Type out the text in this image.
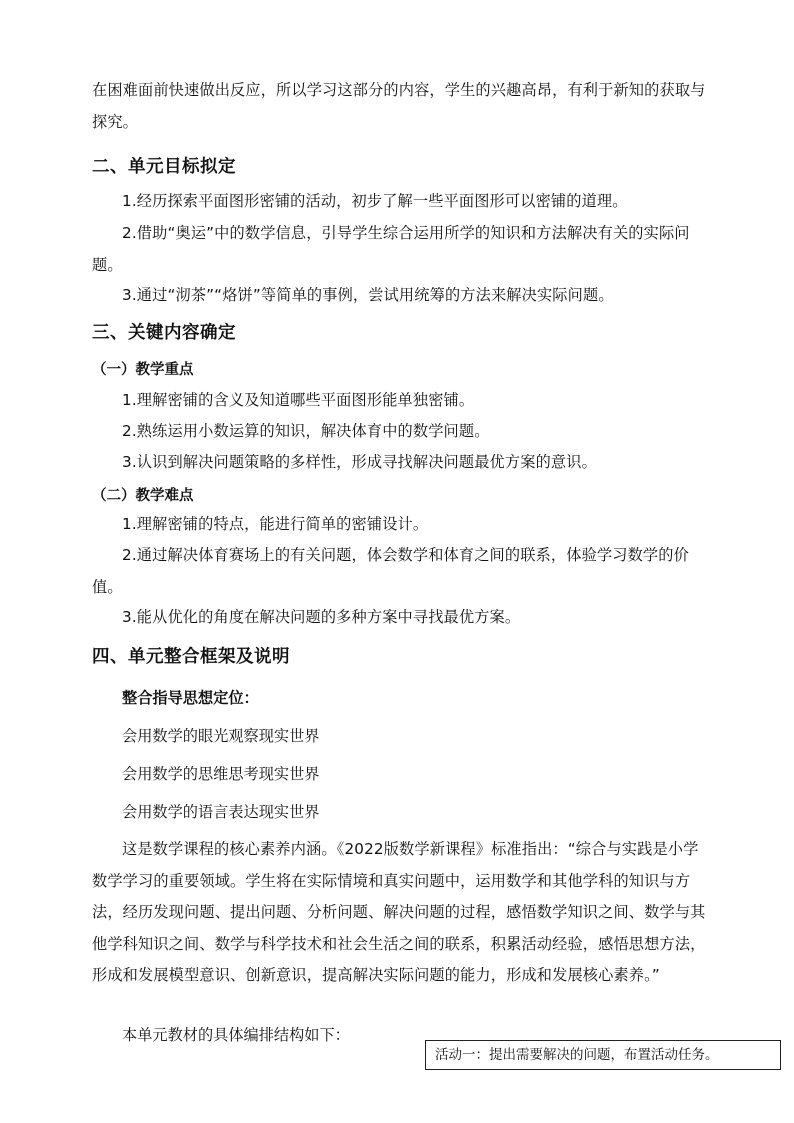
在困难面前快速做出反应，所以学习这部分的内容，学生的兴趣高昂，有利于新知的获取与探究。

二、单元目标拟定

1.经历探索平面图形密铺的活动，初步了解一些平面图形可以密铺的道理。

2.借助“奥运”中的数学信息，引导学生综合运用所学的知识和方法解决有关的实际问题。

3.通过“沏茶”“烙饼”等简单的事例，尝试用统筹的方法来解决实际问题。

三、关键内容确定
（一）教学重点

1.理解密铺的含义及知道哪些平面图形能单独密铺。

2.熟练运用小数运算的知识，解决体育中的数学问题。

3.认识到解决问题策略的多样性，形成寻找解决问题最优方案的意识。

（二）教学难点

1.理解密铺的特点，能进行简单的密铺设计。

2.通过解决体育赛场上的有关问题，体会数学和体育之间的联系，体验学习数学的价值。

3.能从优化的角度在解决问题的多种方案中寻找最优方案。

四、单元整合框架及说明
整合指导思想定位：
会用数学的眼光观察现实世界
会用数学的思维思考现实世界
会用数学的语言表达现实世界

这是数学课程的核心素养内涵。《2022版数学新课程》标准指出：“综合与实践是小学数学学习的重要领域。学生将在实际情境和真实问题中，运用数学和其他学科的知识与方法，经历发现问题、提出问题、分析问题、解决问题的过程，感悟数学知识之间、数学与其他学科知识之间、数学与科学技术和社会生活之间的联系，积累活动经验，感悟思想方法，形成和发展模型意识、创新意识，提高解决实际问题的能力，形成和发展核心素养。”

本单元教材的具体编排结构如下：
活动一：提出需要解决的问题，布置活动任务。
